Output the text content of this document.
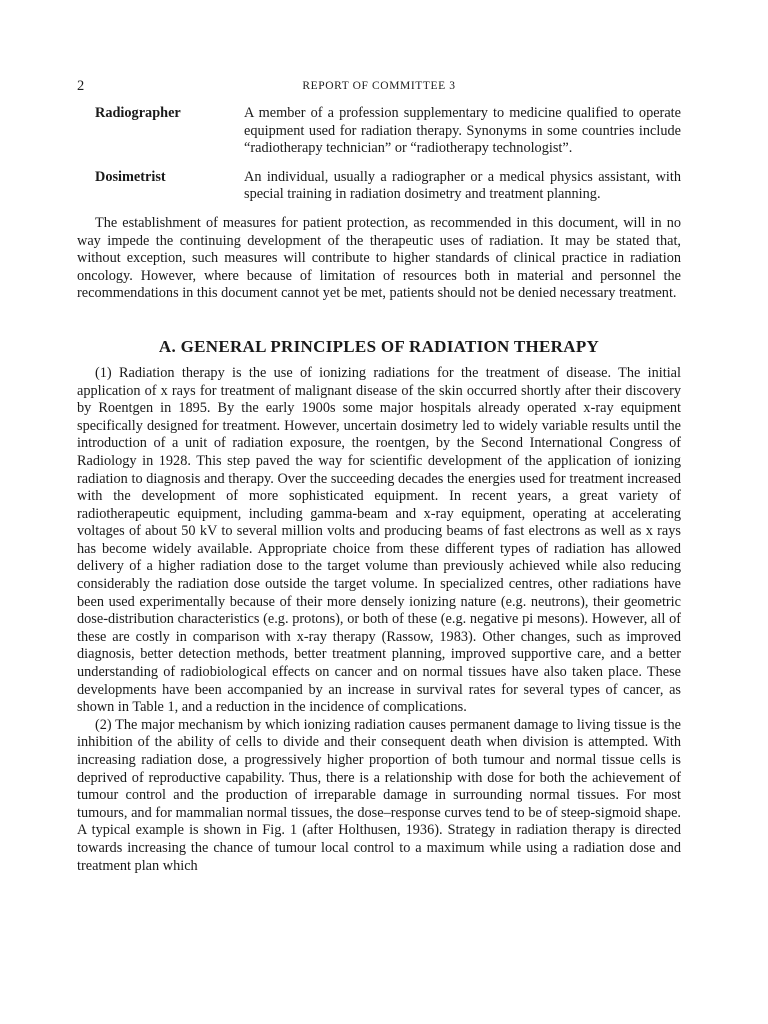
2	REPORT OF COMMITTEE 3
Radiographer	A member of a profession supplementary to medicine qualified to operate equipment used for radiation therapy. Synonyms in some countries include “radiotherapy technician” or “radiotherapy technologist”.
Dosimetrist	An individual, usually a radiographer or a medical physics assistant, with special training in radiation dosimetry and treatment planning.

The establishment of measures for patient protection, as recommended in this document, will in no way impede the continuing development of the therapeutic uses of radiation. It may be stated that, without exception, such measures will contribute to higher standards of clinical practice in radiation oncology. However, where because of limitation of resources both in material and personnel the recommendations in this document cannot yet be met, patients should not be denied necessary treatment.

A. GENERAL PRINCIPLES OF RADIATION THERAPY

(1) Radiation therapy is the use of ionizing radiations for the treatment of disease. The initial application of x rays for treatment of malignant disease of the skin occurred shortly after their discovery by Roentgen in 1895. By the early 1900s some major hospitals already operated x-ray equipment specifically designed for treatment. However, uncertain dosimetry led to widely variable results until the introduction of a unit of radiation exposure, the roentgen, by the Second International Congress of Radiology in 1928. This step paved the way for scientific development of the application of ionizing radiation to diagnosis and therapy. Over the succeeding decades the energies used for treatment increased with the development of more sophisticated equipment. In recent years, a great variety of radiotherapeutic equipment, including gamma-beam and x-ray equipment, operating at accelerating voltages of about 50 kV to several million volts and producing beams of fast electrons as well as x rays has become widely available. Appropriate choice from these different types of radiation has allowed delivery of a higher radiation dose to the target volume than previously achieved while also reducing considerably the radiation dose outside the target volume. In specialized centres, other radiations have been used experimentally because of their more densely ionizing nature (e.g. neutrons), their geometric dose-distribution characteristics (e.g. protons), or both of these (e.g. negative pi mesons). However, all of these are costly in comparison with x-ray therapy (Rassow, 1983). Other changes, such as improved diagnosis, better detection methods, better treatment planning, improved supportive care, and a better understanding of radiobiological effects on cancer and on normal tissues have also taken place. These developments have been accompanied by an increase in survival rates for several types of cancer, as shown in Table 1, and a reduction in the incidence of complications.

(2) The major mechanism by which ionizing radiation causes permanent damage to living tissue is the inhibition of the ability of cells to divide and their consequent death when division is attempted. With increasing radiation dose, a progressively higher proportion of both tumour and normal tissue cells is deprived of reproductive capability. Thus, there is a relationship with dose for both the achievement of tumour control and the production of irreparable damage in surrounding normal tissues. For most tumours, and for mammalian normal tissues, the dose–response curves tend to be of steep-sigmoid shape. A typical example is shown in Fig. 1 (after Holthusen, 1936). Strategy in radiation therapy is directed towards increasing the chance of tumour local control to a maximum while using a radiation dose and treatment plan which
